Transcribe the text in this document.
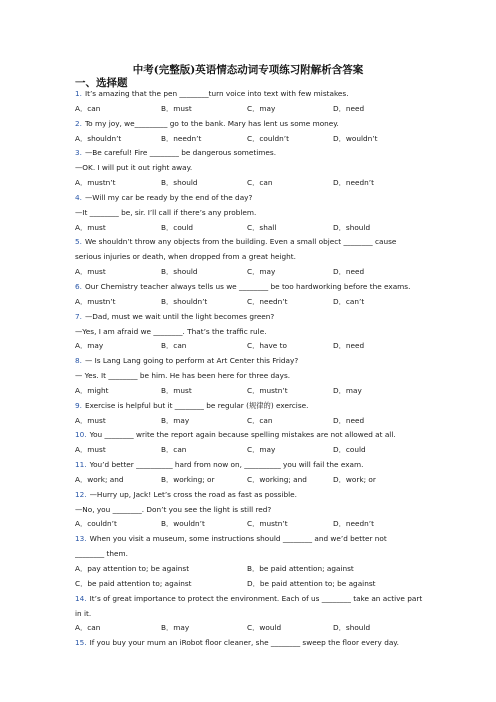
中考(完整版)英语情态动词专项练习附解析含答案
一、选择题
1. It’s amazing that the pen ________turn voice into text with few mistakes.
A．can	B．must	C．may	D．need
2. To my joy, we_________ go to the bank. Mary has lent us some money.
A．shouldn’t	B．needn’t	C．couldn’t	D．wouldn’t
3. —Be careful! Fire ________ be dangerous sometimes.
—OK. I will put it out right away.
A．mustn’t	B．should	C．can	D．needn’t
4. —Will my car be ready by the end of the day?
—It ________ be, sir. I’ll call if there’s any problem.
A．must	B．could	C．shall	D．should
5. We shouldn’t throw any objects from the building. Even a small object ________ cause
serious injuries or death, when dropped from a great height.
A．must	B．should	C．may	D．need
6. Our Chemistry teacher always tells us we ________ be too hardworking before the exams.
A．mustn’t	B．shouldn’t	C．needn’t	D．can’t
7. —Dad, must we wait until the light becomes green?
—Yes, I am afraid we ________. That’s the traffic rule.
A．may	B．can	C．have to	D．need
8. — Is Lang Lang going to perform at Art Center this Friday?
— Yes. It ________ be him. He has been here for three days.
A．might	B．must	C．mustn’t	D．may
9. Exercise is helpful but it ________ be regular (规律的) exercise.
A．must	B．may	C．can	D．need
10. You ________ write the report again because spelling mistakes are not allowed at all.
A．must	B．can	C．may	D．could
11. You’d better __________ hard from now on, __________ you will fail the exam.
A．work; and	B．working; or	C．working; and	D．work; or
12. —Hurry up, Jack! Let’s cross the road as fast as possible.
—No, you ________. Don’t you see the light is still red?
A．couldn’t	B．wouldn’t	C．mustn’t	D．needn’t
13. When you visit a museum, some instructions should ________ and we’d better not
________ them.
A．pay attention to; be against	B．be paid attention; against
C．be paid attention to; against	D．be paid attention to; be against
14. It’s of great importance to protect the environment. Each of us ________ take an active part
in it.
A．can	B．may	C．would	D．should
15. If you buy your mum an iRobot floor cleaner, she ________ sweep the floor every day.
